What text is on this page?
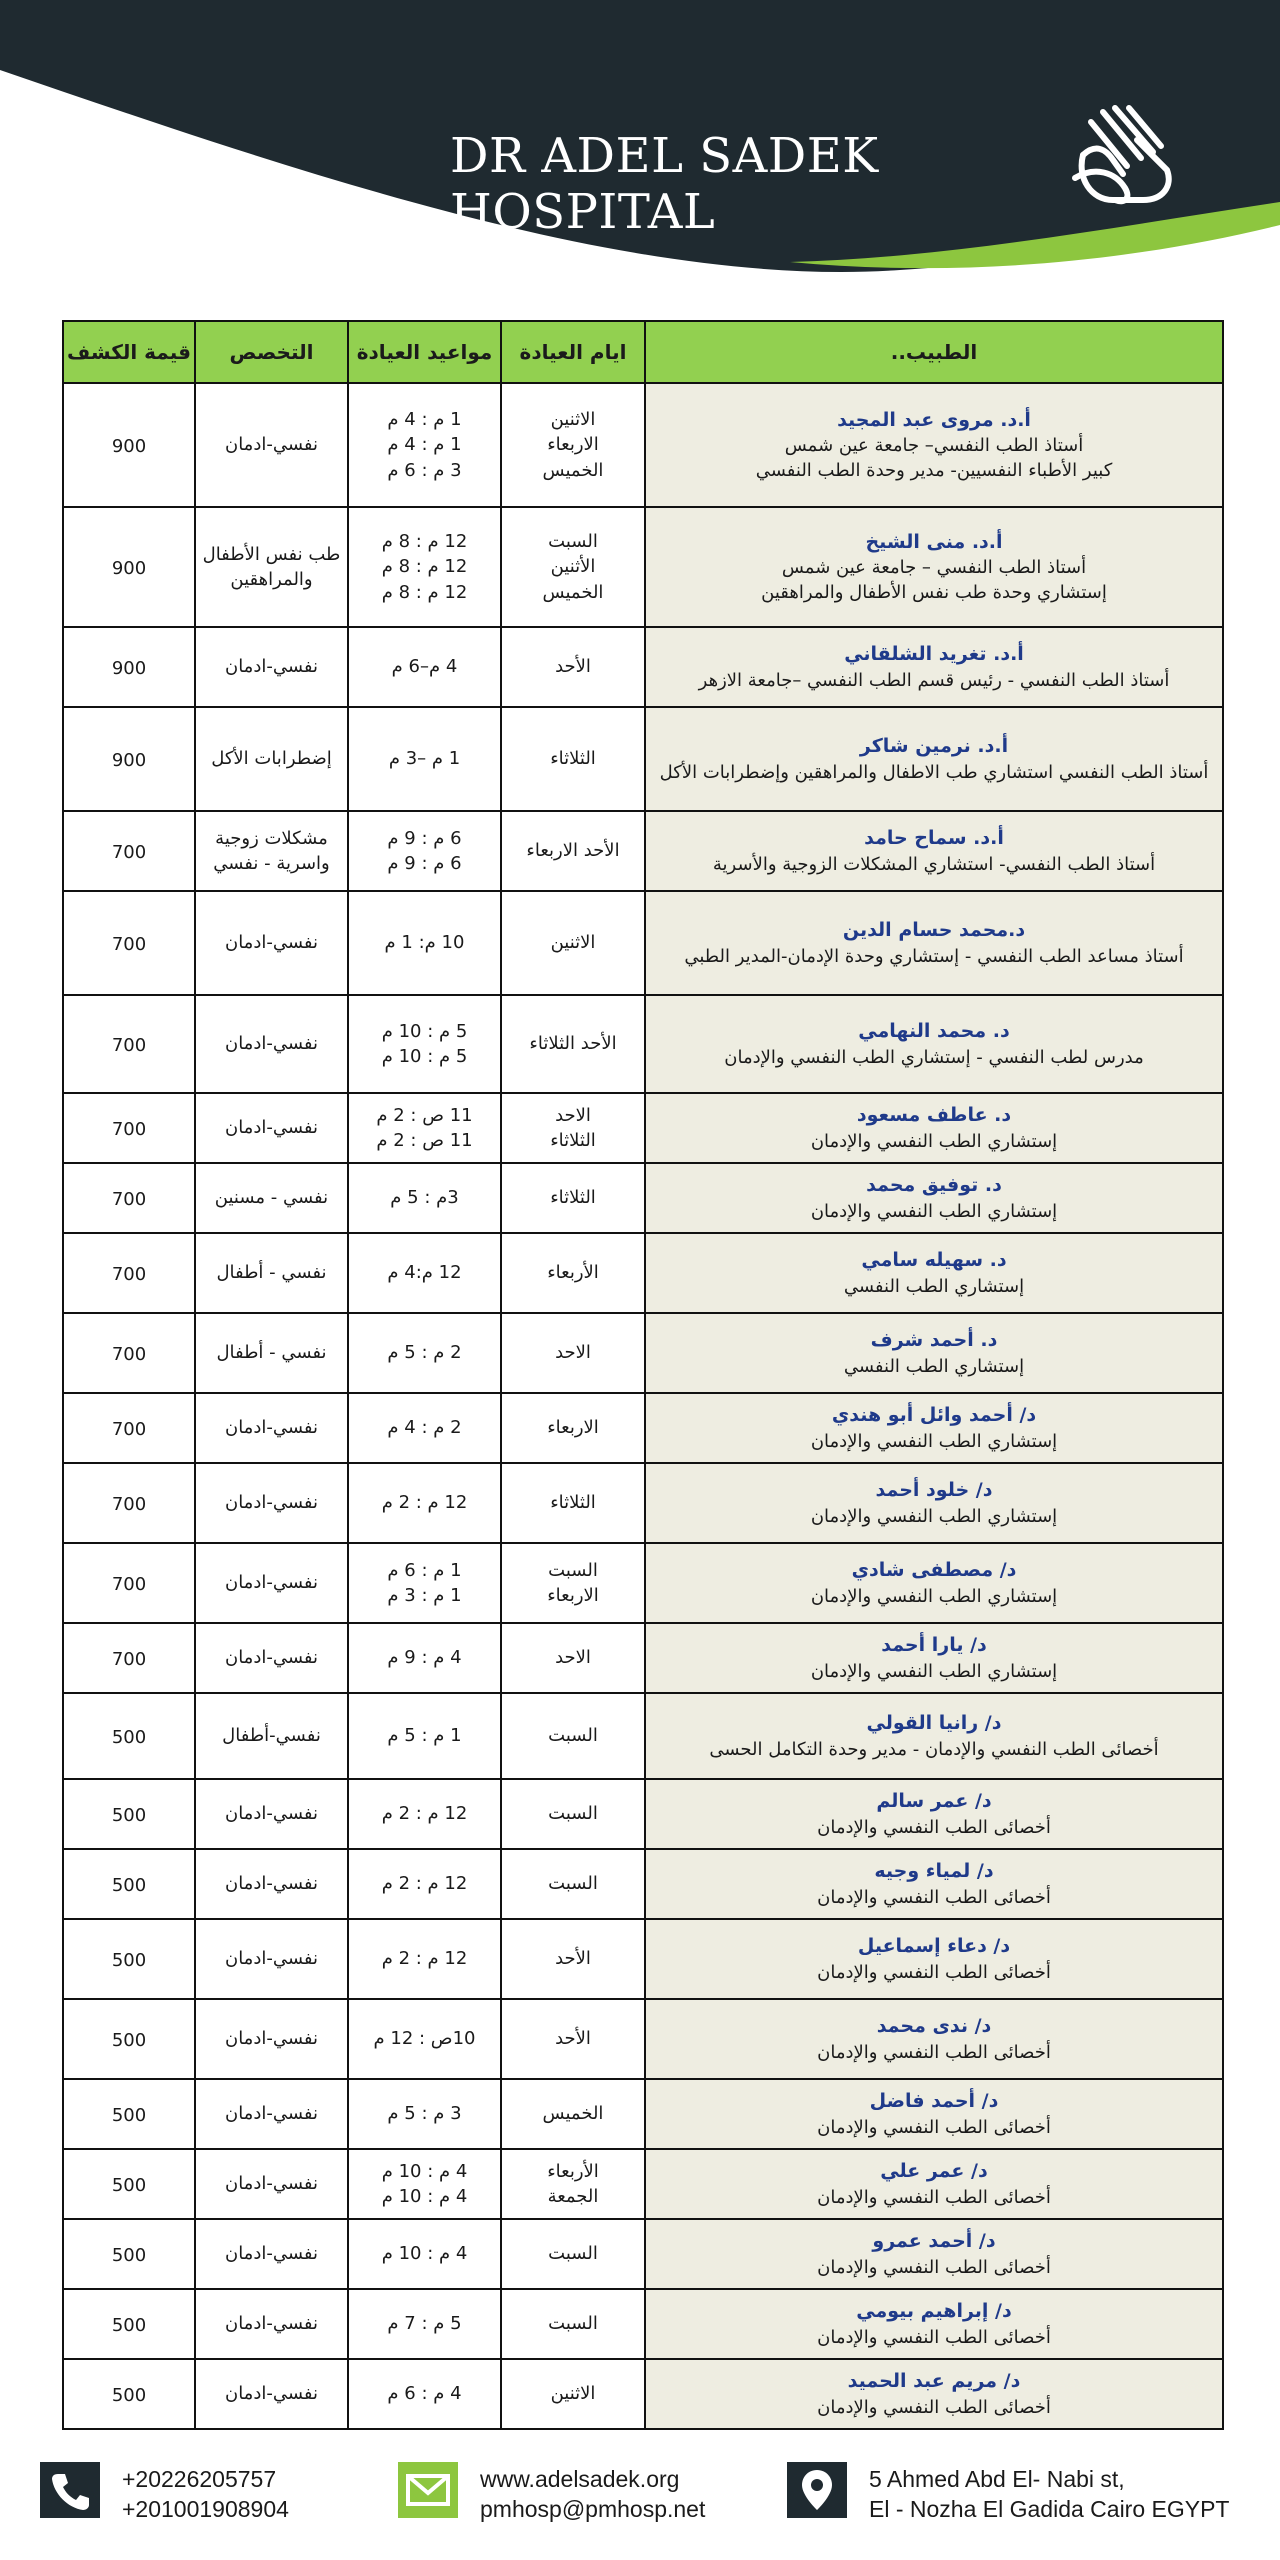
DR ADEL SADEK HOSPITAL
الطبيب..	ايام العيادة	مواعيد العيادة	التخصص	قيمة الكشف

أ.د. مروى عبد المجيد
أستاذ الطب النفسي– جامعة عين شمس
كبير الأطباء النفسيين- مدير وحدة الطب النفسي	الاثنين
الاربعاء
الخميس	1 م : 4 م
1 م : 4 م
3 م : 6 م	نفسي-ادمان	900

أ.د. منى الشيخ
أستاذ الطب النفسي – جامعة عين شمس
إستشاري وحدة طب نفس الأطفال والمراهقين	السبت
الأثنين
الخميس	12 م : 8 م
12 م : 8 م
12 م : 8 م	طب نفس الأطفال
والمراهقين	900

أ.د. تغريد الشلقاني
أستاذ الطب النفسي - رئيس قسم الطب النفسي –جامعة الازهر	الأحد	4 م–6 م	نفسي-ادمان	900

أ.د. نرمين شاكر
أستاذ الطب النفسي استشاري طب الاطفال والمراهقين وإضطرابات الأكل	الثلاثاء	1 م –3 م	إضطرابات الأكل	900

أ.د. سماح حامد
أستاذ الطب النفسي- استشاري المشكلات الزوجية والأسرية	الأحد الاربعاء	6 م : 9 م
6 م : 9 م	مشكلات زوجية
واسرية - نفسي	700

د.محمد حسام الدين
أستاذ مساعد الطب النفسي - إستشاري وحدة الإدمان-المدير الطبي	الاثنين	10 م: 1 م	نفسي-ادمان	700

د. محمد النهامي
مدرس لطب النفسي - إستشاري الطب النفسي والإدمان	الأحد الثلاثاء	5 م : 10 م
5 م : 10 م	نفسي-ادمان	700

د. عاطف مسعود
إستشاري الطب النفسي والإدمان	الاحد
الثلاثاء	11 ص : 2 م
11 ص : 2 م	نفسي-ادمان	700

د. توفيق محمد
إستشاري الطب النفسي والإدمان	الثلاثاء	3م : 5 م	نفسي - مسنين	700

د. سهيله سامي
إستشاري الطب النفسي	الأربعاء	12 م:4 م	نفسي - أطفال	700

د. أحمد شرف
إستشاري الطب النفسي	الاحد	2 م : 5 م	نفسي - أطفال	700

د/ أحمد وائل أبو هندي
إستشاري الطب النفسي والإدمان	الاربعاء	2 م : 4 م	نفسي-ادمان	700

د/ خلود أحمد
إستشاري الطب النفسي والإدمان	الثلاثاء	12 م : 2 م	نفسي-ادمان	700

د/ مصطفى شادي
إستشاري الطب النفسي والإدمان	السبت
الاربعاء	1 م : 6 م
1 م : 3 م	نفسي-ادمان	700

د/ يارا أحمد
إستشاري الطب النفسي والإدمان	الاحد	4 م : 9 م	نفسي-ادمان	700

د/ رانيا القولي
أخصائى الطب النفسي والإدمان - مدير وحدة التكامل الحسى	السبت	1 م : 5 م	نفسي-أطفال	500

د/ عمر سالم
أخصائى الطب النفسي والإدمان	السبت	12 م : 2 م	نفسي-ادمان	500

د/ لمياء وجيه
أخصائى الطب النفسي والإدمان	السبت	12 م : 2 م	نفسي-ادمان	500

د/ دعاء إسماعيل
أخصائى الطب النفسي والإدمان	الأحد	12 م : 2 م	نفسي-ادمان	500

د/ ندى محمد
أخصائى الطب النفسي والإدمان	الأحد	10ص : 12 م	نفسي-ادمان	500

د/ أحمد فاضل
أخصائى الطب النفسي والإدمان	الخميس	3 م : 5 م	نفسي-ادمان	500

د/ عمر علي
أخصائى الطب النفسي والإدمان	الأربعاء
الجمعة	4 م : 10 م
4 م : 10 م	نفسي-ادمان	500

د/ أحمد عمرو
أخصائى الطب النفسي والإدمان	السبت	4 م : 10 م	نفسي-ادمان	500

د/ إبراهيم بيومي
أخصائى الطب النفسي والإدمان	السبت	5 م : 7 م	نفسي-ادمان	500

د/ مريم عبد الحميد
أخصائى الطب النفسي والإدمان	الاثنين	4 م : 6 م	نفسي-ادمان	500
+20226205757
+201001908904
www.adelsadek.org
pmhosp@pmhosp.net
5 Ahmed Abd El- Nabi st,
El - Nozha El Gadida Cairo EGYPT
